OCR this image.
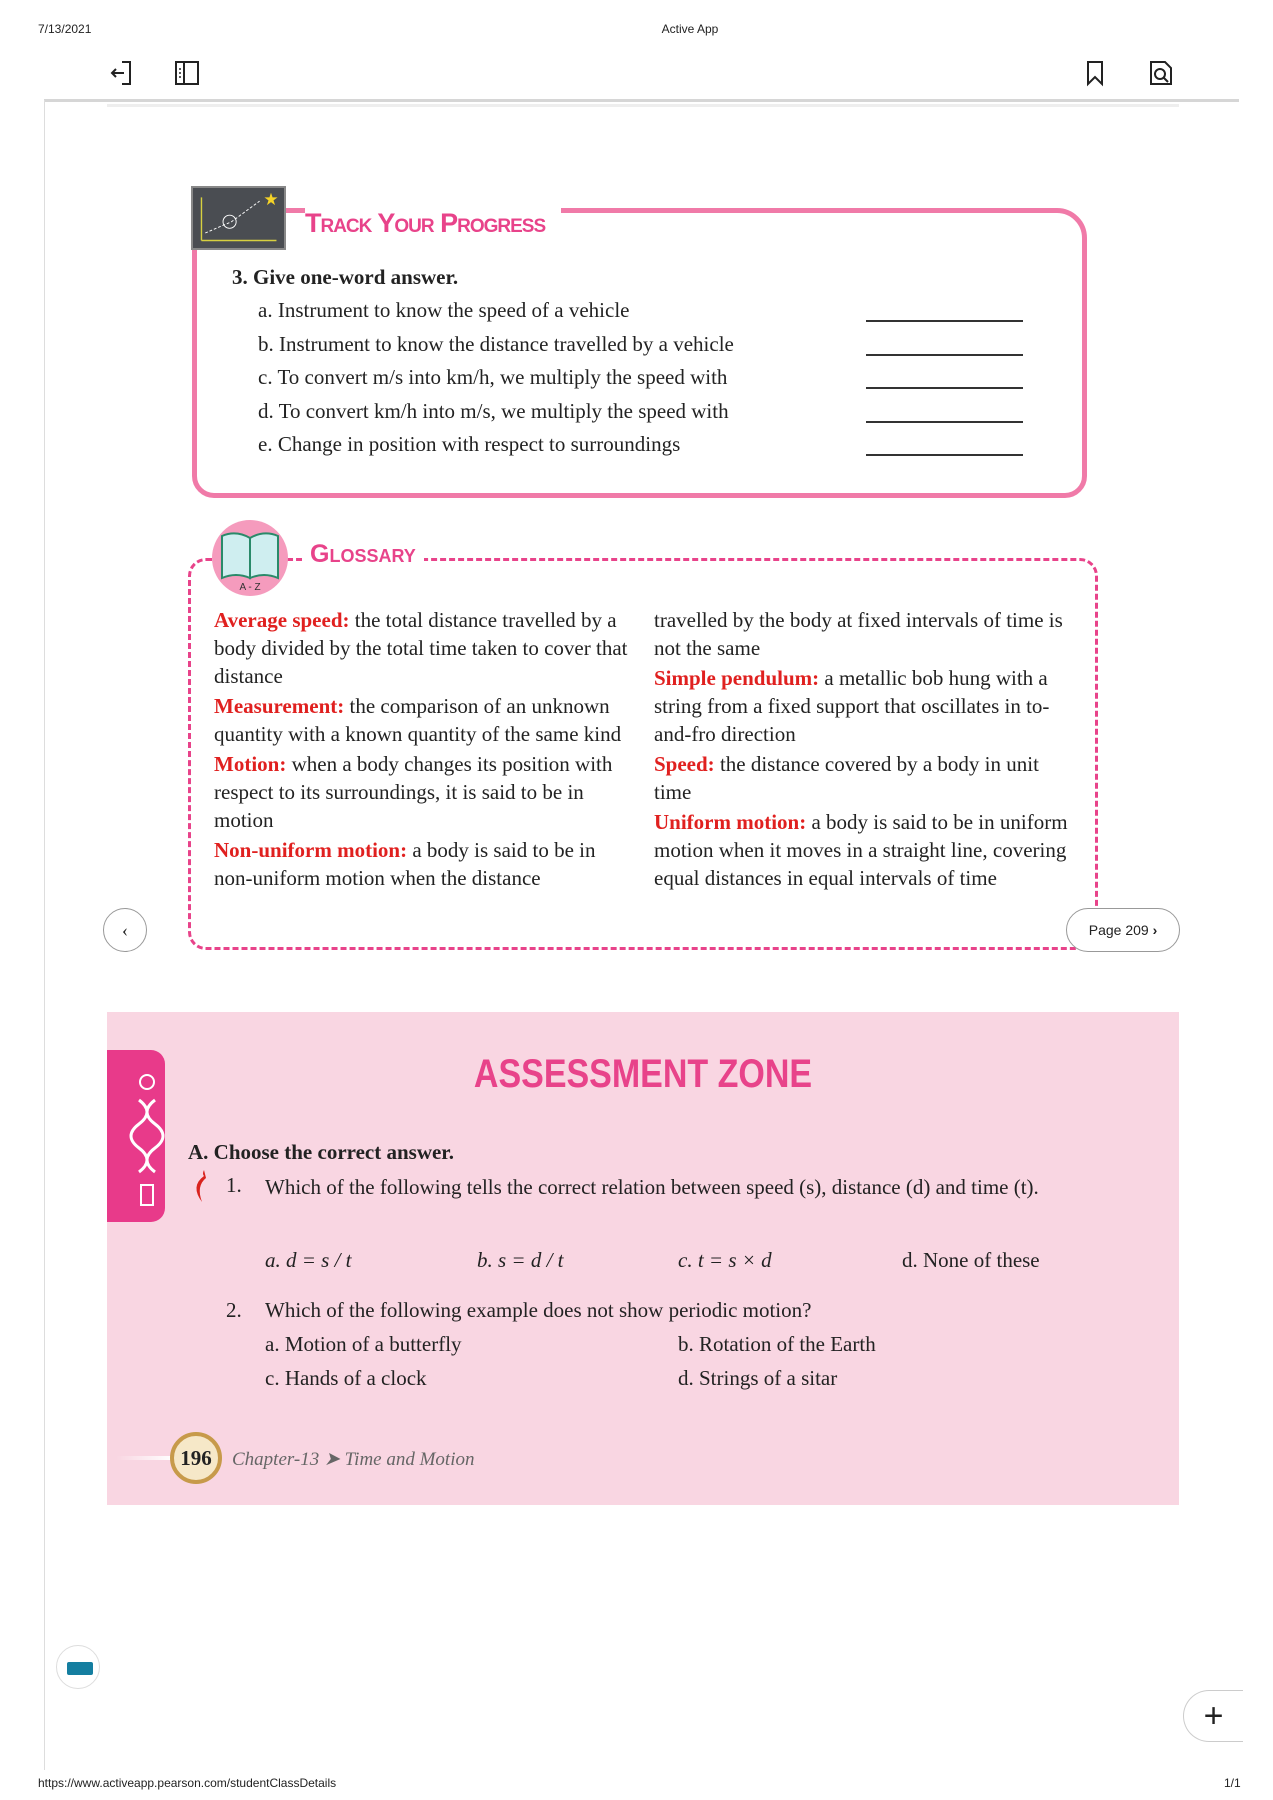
7/13/2021	Active App
★
Track Your Progress
3. Give one-word answer.
a. Instrument to know the speed of a vehicle
b. Instrument to know the distance travelled by a vehicle
c. To convert m/s into km/h, we multiply the speed with
d. To convert km/h into m/s, we multiply the speed with
e. Change in position with respect to surroundings
A - Z
Glossary

Average speed: the total distance travelled by a body divided by the total time taken to cover that distance

Measurement: the comparison of an unknown quantity with a known quantity of the same kind

Motion: when a body changes its position with respect to its surroundings, it is said to be in motion

Non-uniform motion: a body is said to be in non-uniform motion when the distance

travelled by the body at fixed intervals of time is not the same

Simple pendulum: a metallic bob hung with a string from a fixed support that oscillates in to-and-fro direction

Speed: the distance covered by a body in unit time

Uniform motion: a body is said to be in uniform motion when it moves in a straight line, covering equal distances in equal intervals of time

‹	Page 209
›
ASSESSMENT ZONE
A. Choose the correct answer.
1. Which of the following tells the correct relation between speed (s), distance (d) and time (t).
a. d = s / t	b. s = d / t	c. t = s × d	d. None of these
2. Which of the following example does not show periodic motion?
a. Motion of a butterfly	b. Rotation of the Earth
c. Hands of a clock	d. Strings of a sitar
196	Chapter-13 ➤ Time and Motion
+
https://www.activeapp.pearson.com/studentClassDetails	1/1
